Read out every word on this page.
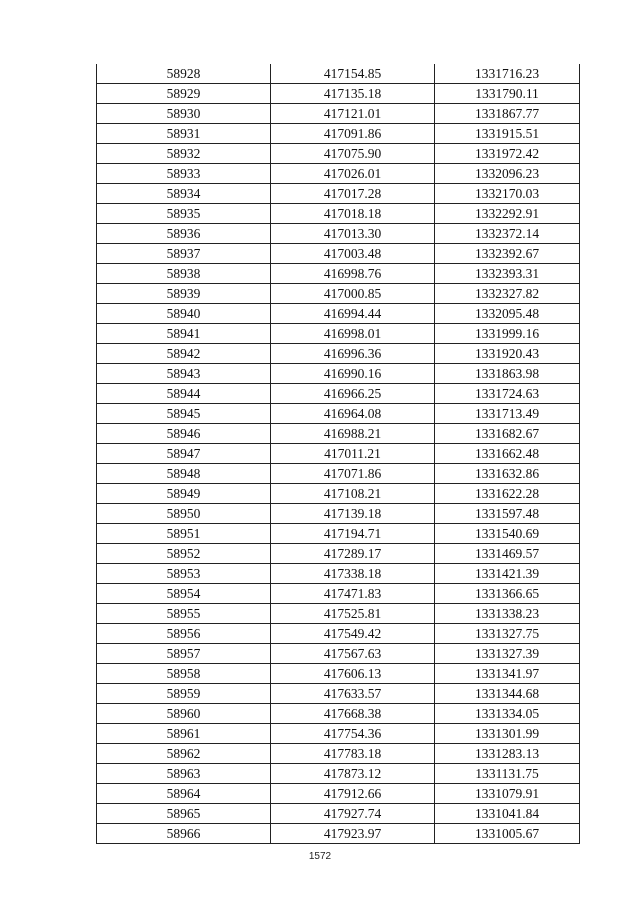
58928	417154.85	1331716.23
58929	417135.18	1331790.11
58930	417121.01	1331867.77
58931	417091.86	1331915.51
58932	417075.90	1331972.42
58933	417026.01	1332096.23
58934	417017.28	1332170.03
58935	417018.18	1332292.91
58936	417013.30	1332372.14
58937	417003.48	1332392.67
58938	416998.76	1332393.31
58939	417000.85	1332327.82
58940	416994.44	1332095.48
58941	416998.01	1331999.16
58942	416996.36	1331920.43
58943	416990.16	1331863.98
58944	416966.25	1331724.63
58945	416964.08	1331713.49
58946	416988.21	1331682.67
58947	417011.21	1331662.48
58948	417071.86	1331632.86
58949	417108.21	1331622.28
58950	417139.18	1331597.48
58951	417194.71	1331540.69
58952	417289.17	1331469.57
58953	417338.18	1331421.39
58954	417471.83	1331366.65
58955	417525.81	1331338.23
58956	417549.42	1331327.75
58957	417567.63	1331327.39
58958	417606.13	1331341.97
58959	417633.57	1331344.68
58960	417668.38	1331334.05
58961	417754.36	1331301.99
58962	417783.18	1331283.13
58963	417873.12	1331131.75
58964	417912.66	1331079.91
58965	417927.74	1331041.84
58966	417923.97	1331005.67
1572
